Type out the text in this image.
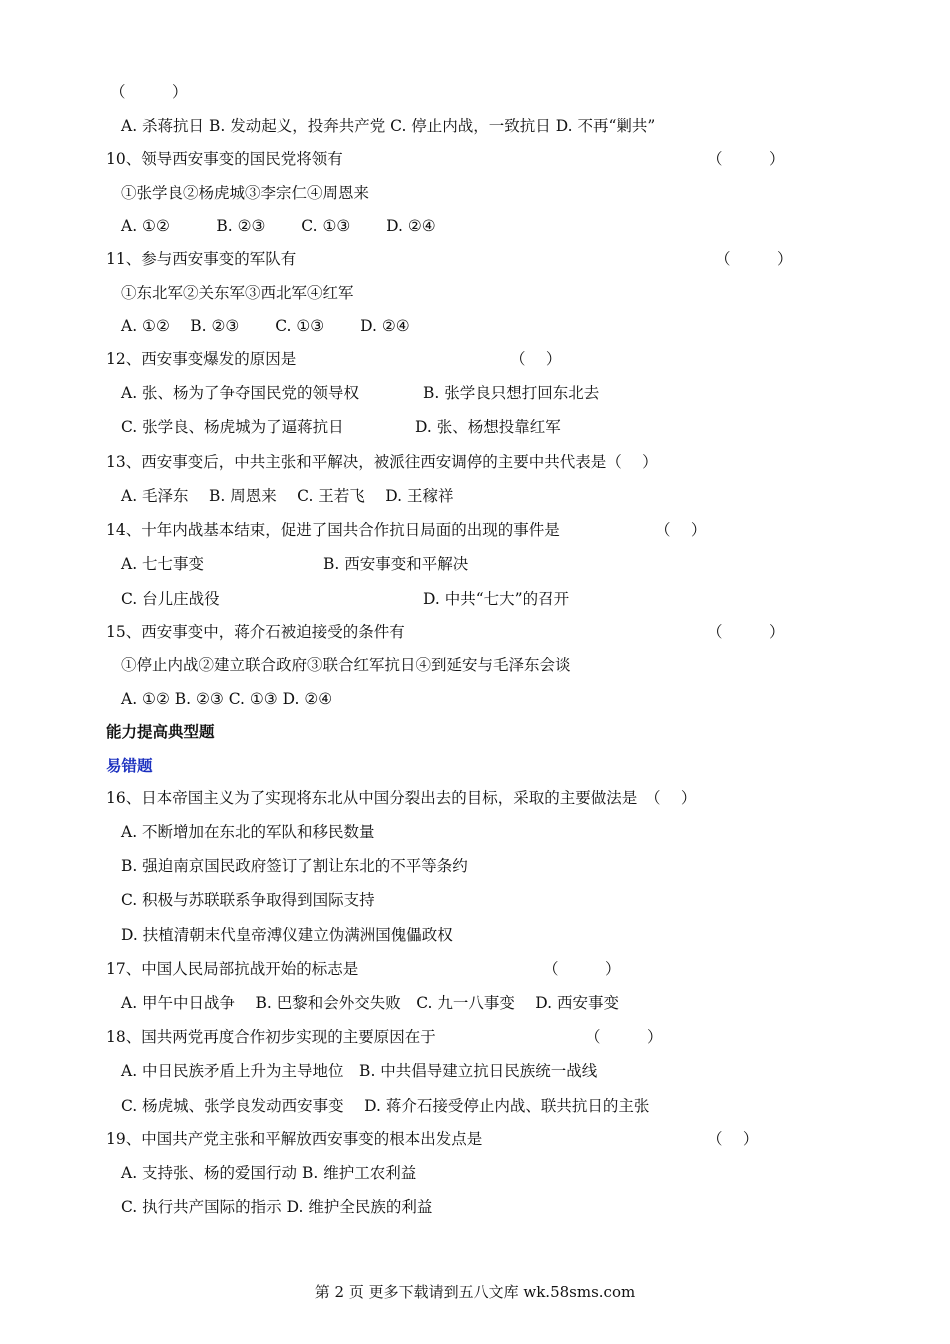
（　　　）
A. 杀蒋抗日 B. 发动起义，投奔共产党 C. 停止内战，一致抗日 D. 不再“剿共”
10、领导西安事变的国民党将领有	（　　　）
①张学良②杨虎城③李宗仁④周恩来
A. ①②　　　B. ②③　　 C. ①③　　 D. ②④
11、参与西安事变的军队有	（　　　）
①东北军②关东军③西北军④红军
A. ①②　 B. ②③　　 C. ①③　　 D. ②④
12、西安事变爆发的原因是	（　 ）
A. 张、杨为了争夺国民党的领导权	B. 张学良只想打回东北去
C. 张学良、杨虎城为了逼蒋抗日	D. 张、杨想投靠红军
13、西安事变后，中共主张和平解决，被派往西安调停的主要中共代表是（　 ）
A. 毛泽东　 B. 周恩来　 C. 王若飞　 D. 王稼祥
14、十年内战基本结束，促进了国共合作抗日局面的出现的事件是	（　 ）
A. 七七事变	B. 西安事变和平解决
C. 台儿庄战役	D. 中共“七大”的召开
15、西安事变中，蒋介石被迫接受的条件有	（　　　）
①停止内战②建立联合政府③联合红军抗日④到延安与毛泽东会谈
A. ①② B. ②③ C. ①③ D. ②④
能力提高典型题
易错题
16、日本帝国主义为了实现将东北从中国分裂出去的目标，采取的主要做法是　（　 ）
A. 不断增加在东北的军队和移民数量
B. 强迫南京国民政府签订了割让东北的不平等条约
C. 积极与苏联联系争取得到国际支持
D. 扶植清朝末代皇帝溥仪建立伪满洲国傀儡政权
17、中国人民局部抗战开始的标志是	（　　　）
A. 甲午中日战争　 B. 巴黎和会外交失败　C. 九一八事变　 D. 西安事变
18、国共两党再度合作初步实现的主要原因在于	（　　　）
A. 中日民族矛盾上升为主导地位　B. 中共倡导建立抗日民族统一战线
C. 杨虎城、张学良发动西安事变　 D. 蒋介石接受停止内战、联共抗日的主张
19、中国共产党主张和平解放西安事变的根本出发点是	（　 ）
A. 支持张、杨的爱国行动 B. 维护工农利益
C. 执行共产国际的指示 D. 维护全民族的利益
第 2 页 更多下载请到五八文库 wk.58sms.com
